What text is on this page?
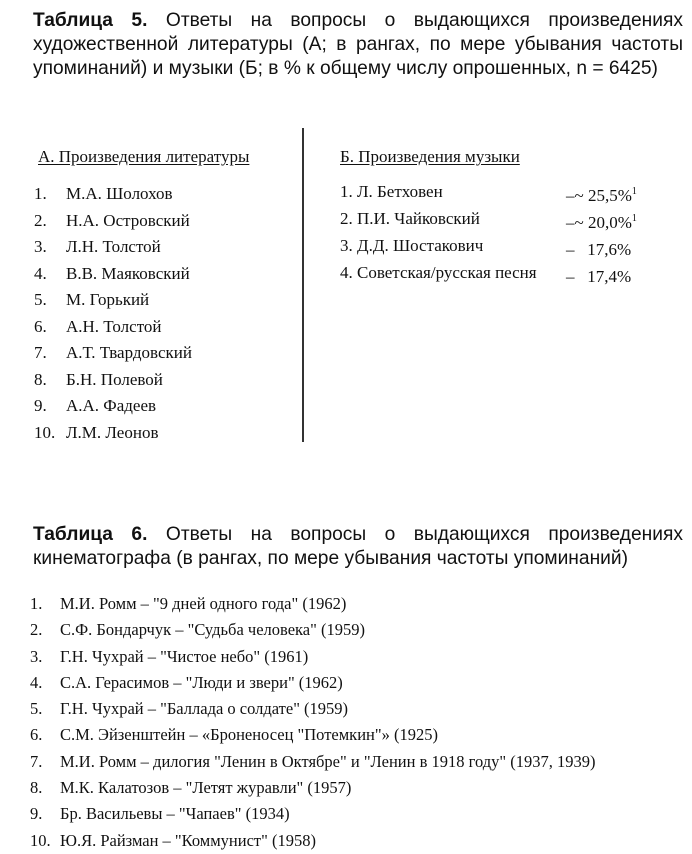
Таблица 5. Ответы на вопросы о выдающихся произведениях художественной литературы (А; в рангах, по мере убывания частоты упоминаний) и музыки (Б; в % к общему числу опрошенных, n = 6425)
А. Произведения литературы	Б. Произведения музыки
1. М.А. Шолохов
2. Н.А. Островский
3. Л.Н. Толстой
4. В.В. Маяковский
5. М. Горький
6. А.Н. Толстой
7. А.Т. Твардовский
8. Б.Н. Полевой
9. А.А. Фадеев
10. Л.М. Леонов
1. Л. Бетховен	–~ 25,5%$^1$
2. П.И. Чайковский	–~ 20,0%$^1$
3. Д.Д. Шостакович	–   17,6%
4. Советская/русская песня –   17,4%
Таблица 6. Ответы на вопросы о выдающихся произведениях кинематографа (в рангах, по мере убывания частоты упоминаний)
1. М.И. Ромм – "9 дней одного года" (1962)
2. С.Ф. Бондарчук – "Судьба человека" (1959)
3. Г.Н. Чухрай – "Чистое небо" (1961)
4. С.А. Герасимов – "Люди и звери" (1962)
5. Г.Н. Чухрай – "Баллада о солдате" (1959)
6. С.М. Эйзенштейн – «Броненосец "Потемкин"» (1925)
7. М.И. Ромм – дилогия "Ленин в Октябре" и "Ленин в 1918 году" (1937, 1939)
8. М.К. Калатозов – "Летят журавли" (1957)
9. Бр. Васильевы – "Чапаев" (1934)
10. Ю.Я. Райзман – "Коммунист" (1958)
